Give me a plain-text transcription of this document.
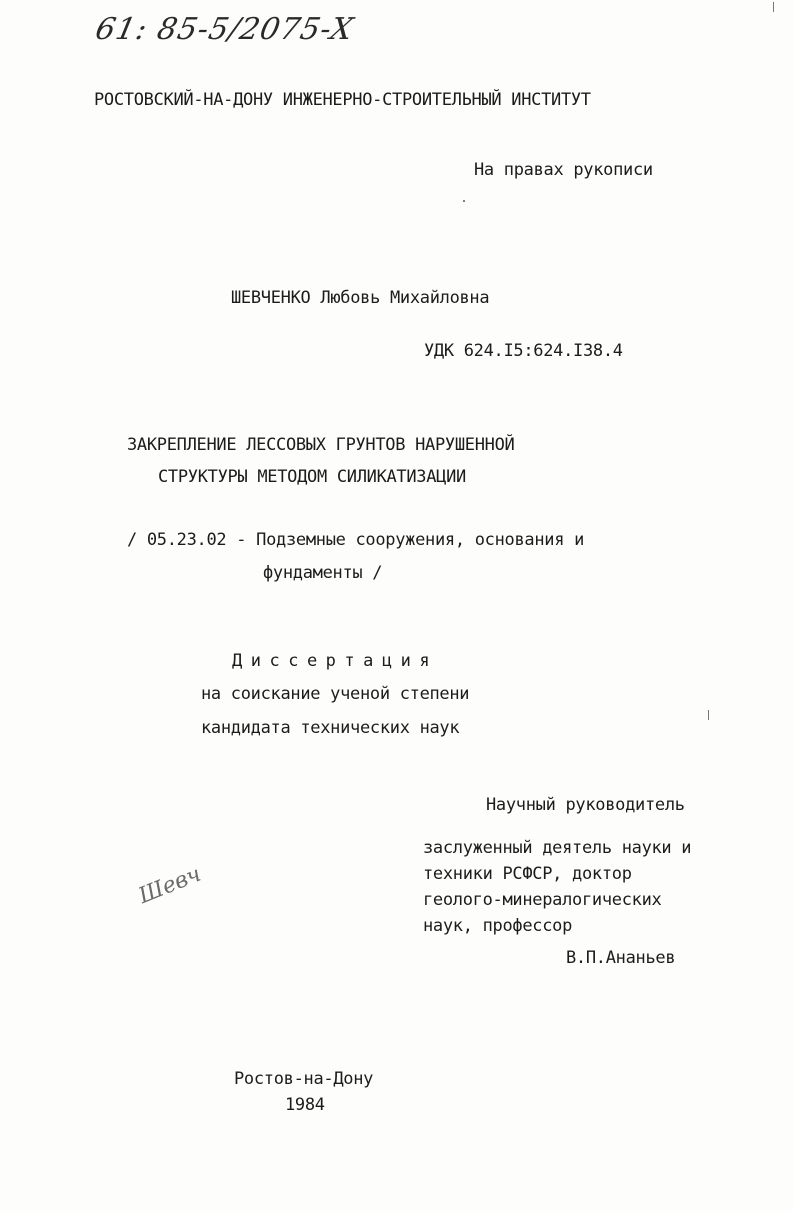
61: 85-5/2075-X
РОСТОВСКИЙ-НА-ДОНУ ИНЖЕНЕРНО-СТРОИТЕЛЬНЫЙ ИНСТИТУТ
На правах рукописи
ШЕВЧЕНКО Любовь Михайловна
УДК 624.I5:624.I38.4
ЗАКРЕПЛЕНИЕ ЛЕССОВЫХ ГРУНТОВ НАРУШЕННОЙ
СТРУКТУРЫ МЕТОДОМ СИЛИКАТИЗАЦИИ
/ 05.23.02 - Подземные сооружения, основания и
фундаменты /
Диссертация
на соискание ученой степени
кандидата технических наук
Научный руководитель
заслуженный деятель науки и
техники РСФСР, доктор
геолого-минералогических
наук, профессор
В.П.Ананьев
Шевч
Ростов-на-Дону
1984
